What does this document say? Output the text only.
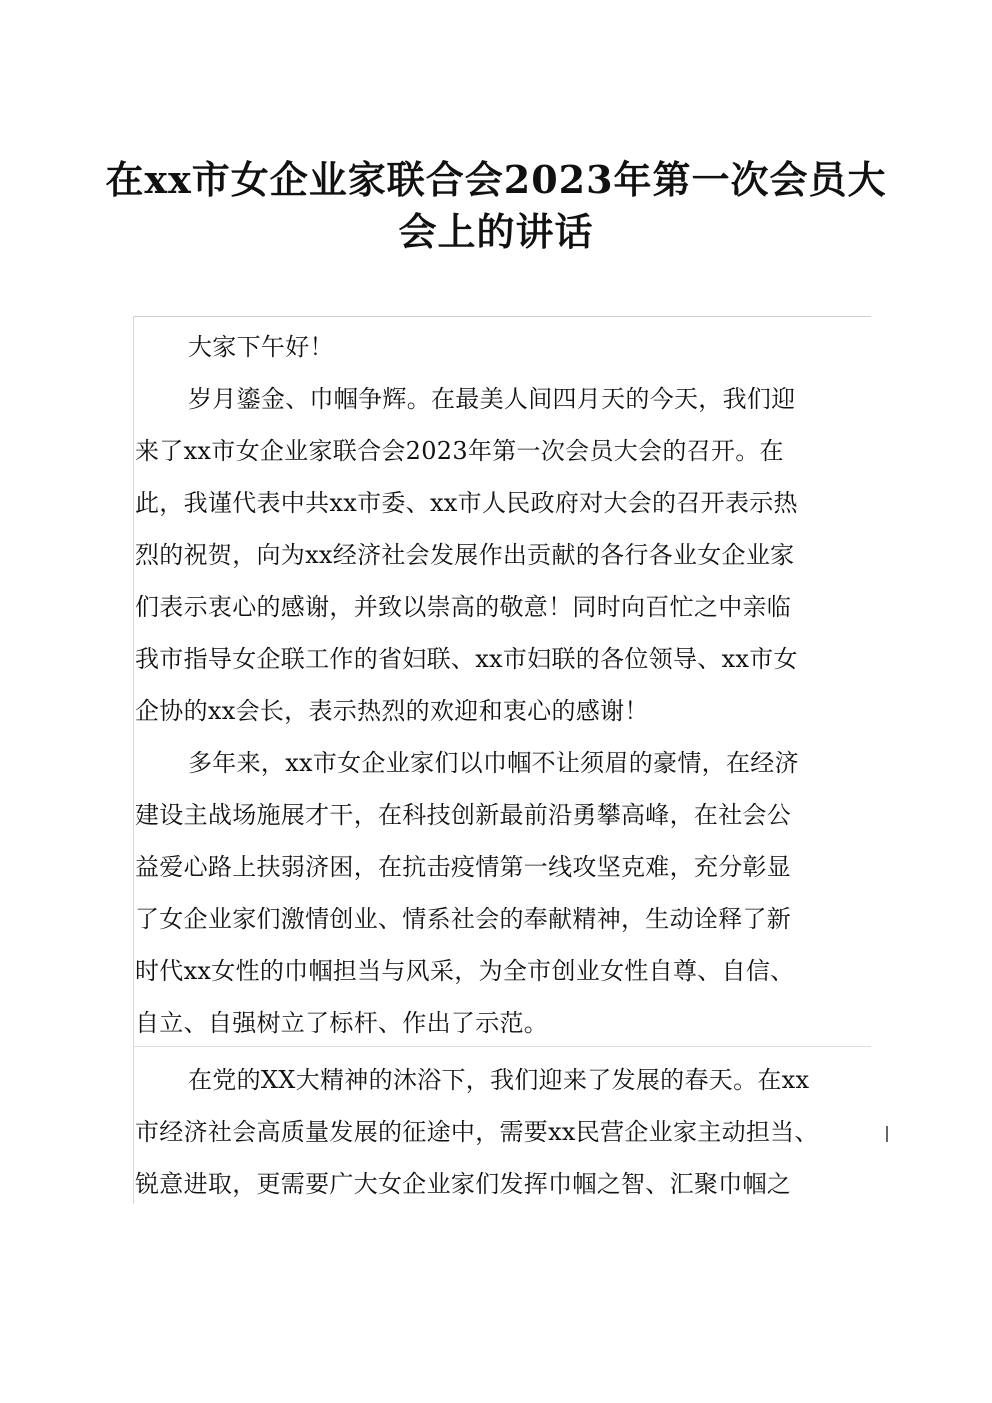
在xx市女企业家联合会2023年第一次会员大
会上的讲话
大家下午好！
岁月鎏金、巾帼争辉。在最美人间四月天的今天，我们迎
来了xx市女企业家联合会2023年第一次会员大会的召开。在
此，我谨代表中共xx市委、xx市人民政府对大会的召开表示热
烈的祝贺，向为xx经济社会发展作出贡献的各行各业女企业家
们表示衷心的感谢，并致以崇高的敬意！同时向百忙之中亲临
我市指导女企联工作的省妇联、xx市妇联的各位领导、xx市女
企协的xx会长，表示热烈的欢迎和衷心的感谢！
多年来，xx市女企业家们以巾帼不让须眉的豪情，在经济
建设主战场施展才干，在科技创新最前沿勇攀高峰，在社会公
益爱心路上扶弱济困，在抗击疫情第一线攻坚克难，充分彰显
了女企业家们激情创业、情系社会的奉献精神，生动诠释了新
时代xx女性的巾帼担当与风采，为全市创业女性自尊、自信、
自立、自强树立了标杆、作出了示范。
在党的XX大精神的沐浴下，我们迎来了发展的春天。在xx
市经济社会高质量发展的征途中，需要xx民营企业家主动担当、
锐意进取，更需要广大女企业家们发挥巾帼之智、汇聚巾帼之
